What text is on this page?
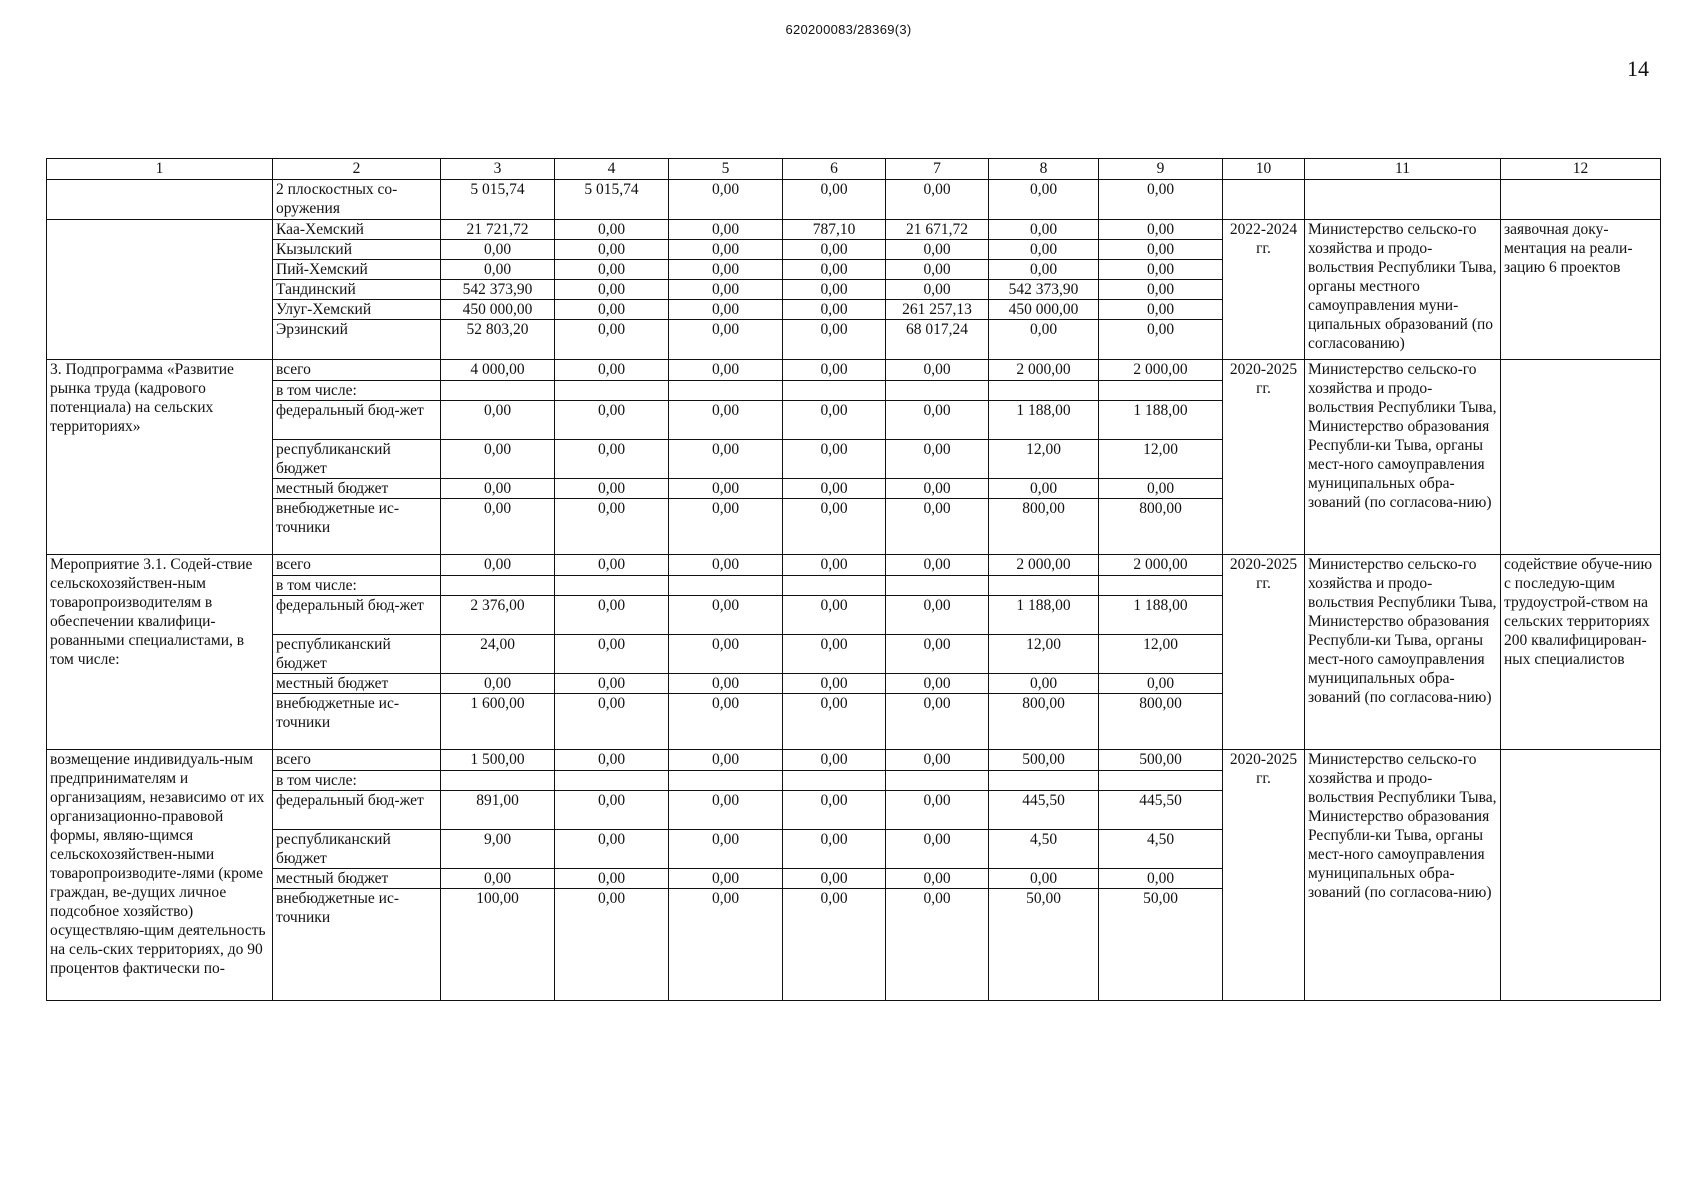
620200083/28369(3)
14
1	2	3	4	5	6	7	8	9	10	11	12
	2 плоскостных со-оружения	5 015,74	5 015,74	0,00	0,00	0,00	0,00	0,00			
	Каа-Хемский	21 721,72	0,00	0,00	787,10	21 671,72	0,00	0,00	2022-2024 гг.	Министерство сельско-го хозяйства и продо-вольствия Республики Тыва, органы местного самоуправления муни-ципальных образований (по согласованию)	заявочная доку-ментация на реали-зацию 6 проектов
	Кызылский	0,00	0,00	0,00	0,00	0,00	0,00	0,00			
	Пий-Хемский	0,00	0,00	0,00	0,00	0,00	0,00	0,00			
	Тандинский	542 373,90	0,00	0,00	0,00	0,00	542 373,90	0,00			
	Улуг-Хемский	450 000,00	0,00	0,00	0,00	261 257,13	450 000,00	0,00			
	Эрзинский	52 803,20	0,00	0,00	0,00	68 017,24	0,00	0,00			
3. Подпрограмма «Развитие рынка труда (кадрового потенциала) на сельских территориях»	всего	4 000,00	0,00	0,00	0,00	0,00	2 000,00	2 000,00	2020-2025 гг.	Министерство сельско-го хозяйства и продо-вольствия Республики Тыва, Министерство образования Республи-ки Тыва, органы мест-ного самоуправления муниципальных обра-зований (по согласова-нию)	
	в том числе:										
	федеральный бюд-жет	0,00	0,00	0,00	0,00	0,00	1 188,00	1 188,00			
	республиканский бюджет	0,00	0,00	0,00	0,00	0,00	12,00	12,00			
	местный бюджет	0,00	0,00	0,00	0,00	0,00	0,00	0,00			
	внебюджетные ис-точники	0,00	0,00	0,00	0,00	0,00	800,00	800,00			
Мероприятие 3.1. Содей-ствие сельскохозяйствен-ным товаропроизводителям в обеспечении квалифици-рованными специалистами, в том числе:	всего	0,00	0,00	0,00	0,00	0,00	2 000,00	2 000,00	2020-2025 гг.	Министерство сельско-го хозяйства и продо-вольствия Республики Тыва, Министерство образования Республи-ки Тыва, органы мест-ного самоуправления муниципальных обра-зований (по согласова-нию)	содействие обуче-нию с последую-щим трудоустрой-ством на сельских территориях 200 квалифицирован-ных специалистов
	в том числе:										
	федеральный бюд-жет	2 376,00	0,00	0,00	0,00	0,00	1 188,00	1 188,00			
	республиканский бюджет	24,00	0,00	0,00	0,00	0,00	12,00	12,00			
	местный бюджет	0,00	0,00	0,00	0,00	0,00	0,00	0,00			
	внебюджетные ис-точники	1 600,00	0,00	0,00	0,00	0,00	800,00	800,00			
возмещение индивидуаль-ным предпринимателям и организациям, независимо от их организационно-правовой формы, являю-щимся сельскохозяйствен-ными товаропроизводите-лями (кроме граждан, ве-дущих личное подсобное хозяйство) осуществляю-щим деятельность на сель-ских территориях, до 90 процентов фактически по-	всего	1 500,00	0,00	0,00	0,00	0,00	500,00	500,00	2020-2025 гг.	Министерство сельско-го хозяйства и продо-вольствия Республики Тыва, Министерство образования Республи-ки Тыва, органы мест-ного самоуправления муниципальных обра-зований (по согласова-нию)	
	в том числе:										
	федеральный бюд-жет	891,00	0,00	0,00	0,00	0,00	445,50	445,50			
	республиканский бюджет	9,00	0,00	0,00	0,00	0,00	4,50	4,50			
	местный бюджет	0,00	0,00	0,00	0,00	0,00	0,00	0,00			
	внебюджетные ис-точники	100,00	0,00	0,00	0,00	0,00	50,00	50,00			
